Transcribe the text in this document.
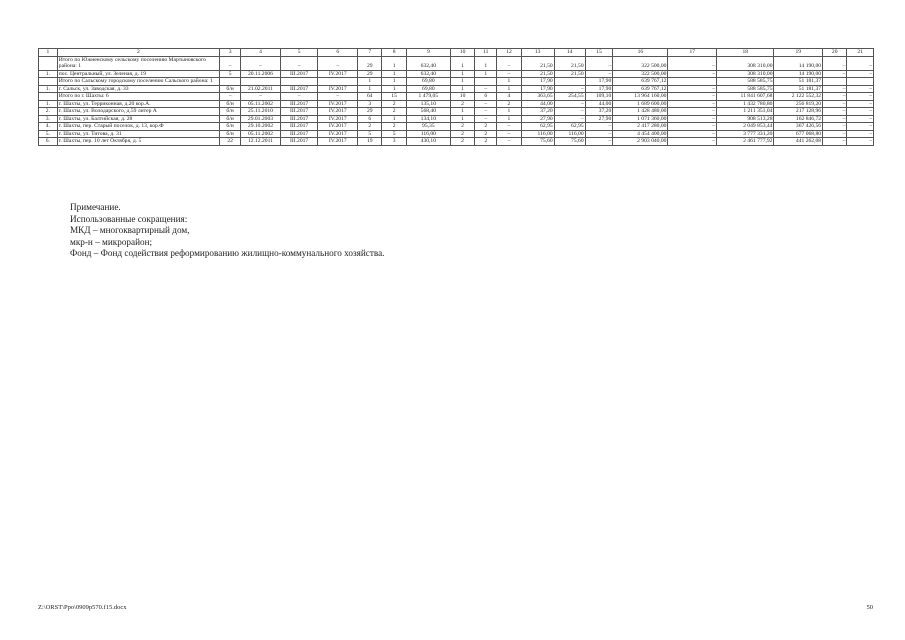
1	2	3	4	5	6	7	8	9	10	11	12	13	14	15	16	17	18	19	20	21
	Итого по Южненскому сельскому поселению Мартыновского района: 1	–	–	–	–	29	1	632,40	1	1	–	21,50	21,50	–	322 500,00	–	308 310,00	14 190,00	–	–
1.	пос. Центральный, ул. Зеленая, д. 19	5	20.11.2006	III.2017	IV.2017	29	1	632,40	1	1	–	21,50	21,50	–	322 500,00	–	308 310,00	14 190,00	–	–
	Итого по Сальскому городскому поселению Сальского района: 1					1	1	69,80	1		1	17,90		17,90	639 767,12		588 585,75	51 181,37		
1.	г. Сальск, ул. Заводская, д. 33	б/н	21.02.2011	III.2017	IV.2017	1	1	69,80	1	–	1	17,90	–	17,90	639 767,12	–	588 585,75	51 181,37	–	–
	Итого по г. Шахты: 6	–	–	–	–	64	15	1 479,05	10	6	4	363,65	254,55	109,10	13 964 160,00	–	11 841 607,68	2 122 552,32	–	–
1.	г. Шахты, ул. Терриконная, д.20 кор.А.	б/н	05.11.2002	III.2017	IV.2017	3	2	135,10	2	–	2	44,00	–	44,00	1 689 600,00	–	1 432 780,80	256 819,20	–	–
2.	г. Шахты, ул. Володарского, д.59 литер А	б/н	25.11.2010	III.2017	IV.2017	29	2	568,40	1	–	1	37,20	–	37,20	1 428 480,00	–	1 211 351,04	217 128,96	–	–
3.	г. Шахты, ул. Балтийская, д. 28	б/н	29.01.2003	III.2017	IV.2017	6	1	134,10	1	–	1	27,90	–	27,90	1 071 360,00	–	908 513,28	162 846,72	–	–
4.	г. Шахты, пер. Старый поселок, д. 13, кор.Ф	б/н	29.10.2002	III.2017	IV.2017	2	2	95,35	2	2	–	62,95	62,95	–	2 417 280,00	–	2 049 853,44	367 426,56	–	–
5.	г. Шахты, ул. Титова, д. 31	б/н	05.11.2002	III.2017	IV.2017	5	5	116,00	2	2	–	116,00	116,00	–	4 454 400,00	–	3 777 331,20	677 068,80	–	–
6.	г. Шахты, пер. 10 лет Октября, д. 5	22	12.12.2011	III.2017	IV.2017	19	3	430,10	2	2	–	75,60	75,60	–	2 903 040,00	–	2 461 777,92	441 262,08	–	–
Примечание.
Использованные сокращения:
МКД – многоквартирный дом,
мкр-н – микрорайон;
Фонд – Фонд содействия реформированию жилищно-коммунального хозяйства.
Z:\ORST\Ppo\0909p570.f15.docx	50
